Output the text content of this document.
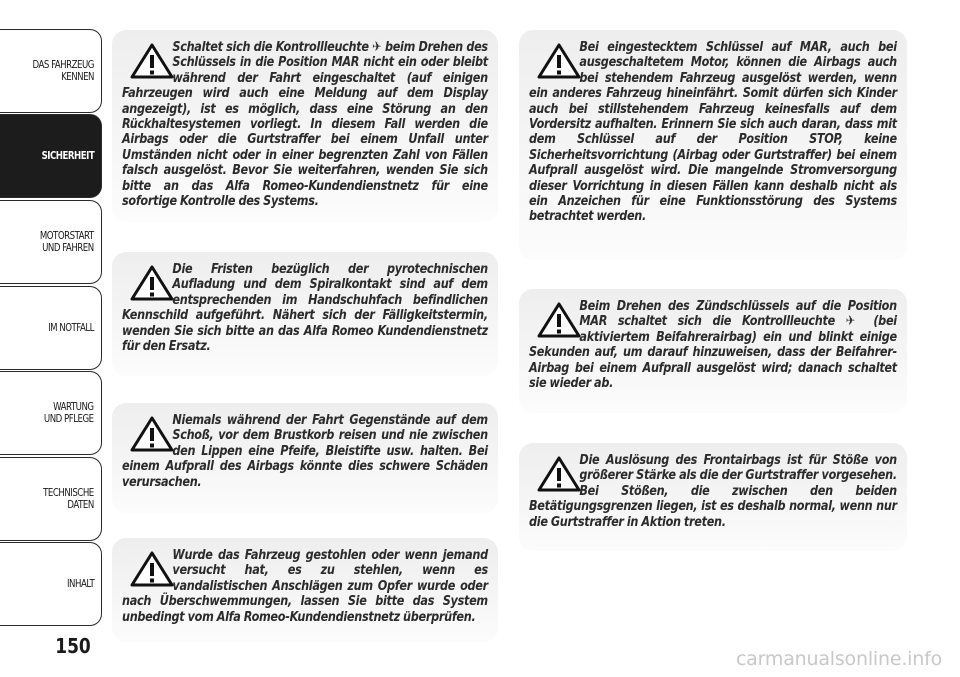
DAS FAHRZEUG
KENNEN
SICHERHEIT
MOTORSTART
UND FAHREN
IM NOTFALL
WARTUNG
UND PFLEGE
TECHNISCHE
DATEN
INHALT
150

Schaltet sich die Kontrollleuchte ✈ beim Drehen des Schlüssels in die Position MAR nicht ein oder bleibt während der Fahrt eingeschaltet (auf einigen Fahrzeugen wird auch eine Meldung auf dem Display angezeigt), ist es möglich, dass eine Störung an den Rückhaltesystemen vorliegt. In diesem Fall werden die Airbags oder die Gurtstraffer bei einem Unfall unter Umständen nicht oder in einer begrenzten Zahl von Fällen falsch ausgelöst. Bevor Sie weiterfahren, wenden Sie sich bitte an das Alfa Romeo-Kundendienstnetz für eine sofortige Kontrolle des Systems.

Die Fristen bezüglich der pyrotechnischen Aufladung und dem Spiralkontakt sind auf dem entsprechenden im Handschuhfach befindlichen Kennschild aufgeführt. Nähert sich der Fälligkeitstermin, wenden Sie sich bitte an das Alfa Romeo Kundendienstnetz für den Ersatz.

Niemals während der Fahrt Gegenstände auf dem Schoß, vor dem Brustkorb reisen und nie zwischen den Lippen eine Pfeife, Bleistifte usw. halten. Bei einem Aufprall des Airbags könnte dies schwere Schäden verursachen.

Wurde das Fahrzeug gestohlen oder wenn jemand versucht hat, es zu stehlen, wenn es vandalistischen Anschlägen zum Opfer wurde oder nach Überschwemmungen, lassen Sie bitte das System unbedingt vom Alfa Romeo-Kundendienstnetz überprüfen.

Bei eingestecktem Schlüssel auf MAR, auch bei ausgeschaltetem Motor, können die Airbags auch bei stehendem Fahrzeug ausgelöst werden, wenn ein anderes Fahrzeug hineinfährt. Somit dürfen sich Kinder auch bei stillstehendem Fahrzeug keinesfalls auf dem Vordersitz aufhalten. Erinnern Sie sich auch daran, dass mit dem Schlüssel auf der Position STOP, keine Sicherheitsvorrichtung (Airbag oder Gurtstraffer) bei einem Aufprall ausgelöst wird. Die mangelnde Stromversorgung dieser Vorrichtung in diesen Fällen kann deshalb nicht als ein Anzeichen für eine Funktionsstörung des Systems betrachtet werden.

Beim Drehen des Zündschlüssels auf die Position MAR schaltet sich die Kontrollleuchte ✈ (bei aktiviertem Beifahrerairbag) ein und blinkt einige Sekunden auf, um darauf hinzuweisen, dass der Beifahrer-Airbag bei einem Aufprall ausgelöst wird; danach schaltet sie wieder ab.

Die Auslösung des Frontairbags ist für Stöße von größerer Stärke als die der Gurtstraffer vorgesehen. Bei Stößen, die zwischen den beiden Betätigungsgrenzen liegen, ist es deshalb normal, wenn nur die Gurtstraffer in Aktion treten.

carmanualsonline.info
